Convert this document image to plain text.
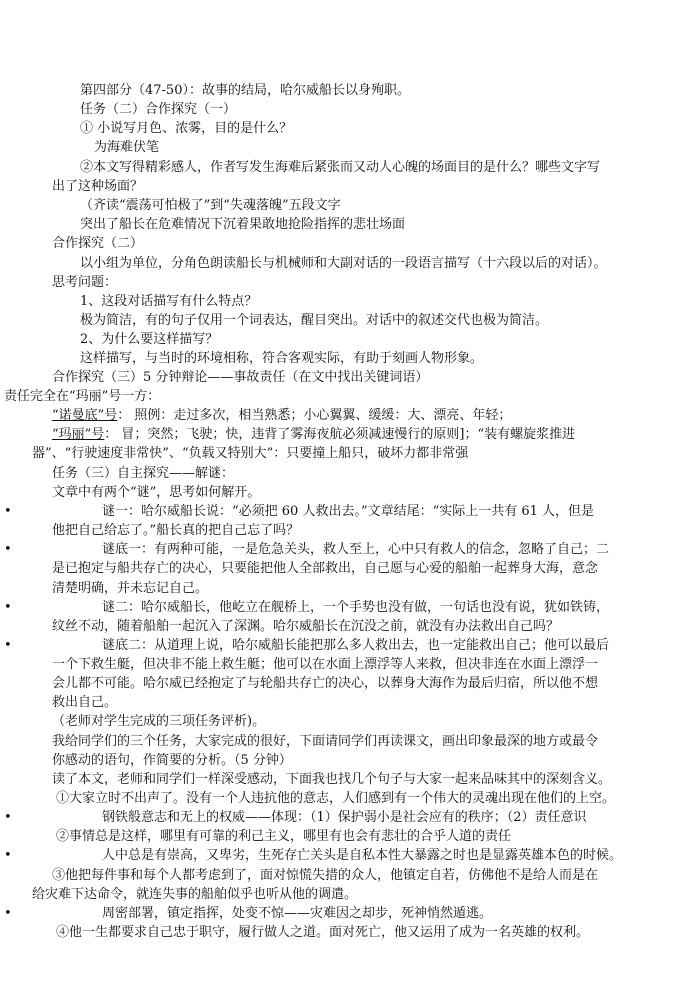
第四部分（47-50）：故事的结局，哈尔威船长以身殉职。
任务（二）合作探究（一）
① 小说写月色、浓雾，目的是什么？
为海难伏笔
②本文写得精彩感人，作者写发生海难后紧张而又动人心魄的场面目的是什么？哪些文字写
出了这种场面？
（齐读“震荡可怕极了”到“失魂落魄”五段文字
突出了船长在危难情况下沉着果敢地抢险指挥的悲壮场面
合作探究（二）
以小组为单位，分角色朗读船长与机械师和大副对话的一段语言描写（十六段以后的对话）。
思考问题：
1、这段对话描写有什么特点？
极为简洁，有的句子仅用一个词表达，醒目突出。对话中的叙述交代也极为简洁。
2、为什么要这样描写？
这样描写，与当时的环境相称，符合客观实际，有助于刻画人物形象。
合作探究（三）5 分钟辩论——事故责任（在文中找出关键词语）
责任完全在“玛丽”号一方：
“诺曼底”号： 照例：走过多次，相当熟悉；小心翼翼、缓缓：大、漂亮、年轻；
“玛丽”号： 冒；突然；飞驶；快，违背了雾海夜航必须减速慢行的原则]；“装有螺旋浆推进
器”、“行驶速度非常快”、“负载又特别大”：只要撞上船只，破坏力都非常强
任务（三）自主探究——解谜：
文章中有两个“谜”，思考如何解开。
•	谜一：哈尔威船长说：“必须把 60 人救出去。”文章结尾：“实际上一共有 61 人，但是
他把自己给忘了。”船长真的把自己忘了吗？
•	谜底一：有两种可能，一是危急关头，救人至上，心中只有救人的信念，忽略了自己；二
是已抱定与船共存亡的决心，只要能把他人全部救出，自己愿与心爱的船舶一起葬身大海，意念
清楚明确，并未忘记自己。
•	谜二：哈尔威船长，他屹立在舰桥上，一个手势也没有做，一句话也没有说，犹如铁铸，
纹丝不动，随着船舶一起沉入了深渊。哈尔威船长在沉没之前，就没有办法救出自己吗？
•	谜底二：从道理上说，哈尔威船长能把那么多人救出去，也一定能救出自己；他可以最后
一个下救生艇，但决非不能上救生艇；他可以在水面上漂浮等人来救，但决非连在水面上漂浮一
会儿都不可能。哈尔威已经抱定了与轮船共存亡的决心，以葬身大海作为最后归宿，所以他不想
救出自己。
（老师对学生完成的三项任务评析)。
我给同学们的三个任务，大家完成的很好，下面请同学们再读课文，画出印象最深的地方或最令
你感动的语句，作简要的分析。（5 分钟）
读了本文，老师和同学们一样深受感动，下面我也找几个句子与大家一起来品味其中的深刻含义。
①大家立时不出声了。没有一个人违抗他的意志，人们感到有一个伟大的灵魂出现在他们的上空。
•	钢铁般意志和无上的权威——体现：（1）保护弱小是社会应有的秩序；（2）责任意识
②事情总是这样，哪里有可靠的利己主义，哪里有也会有悲壮的合乎人道的责任
•	人中总是有崇高，又卑劣，生死存亡关头是自私本性大暴露之时也是显露英雄本色的时候。
③他把每件事和每个人都考虑到了，面对惊慌失措的众人，他镇定自若，仿佛他不是给人而是在
给灾难下达命令，就连失事的船舶似乎也听从他的调遣。
•	周密部署，镇定指挥，处变不惊——灾难因之却步，死神悄然遁逃。
④他一生都要求自己忠于职守，履行做人之道。面对死亡，他又运用了成为一名英雄的权利。
